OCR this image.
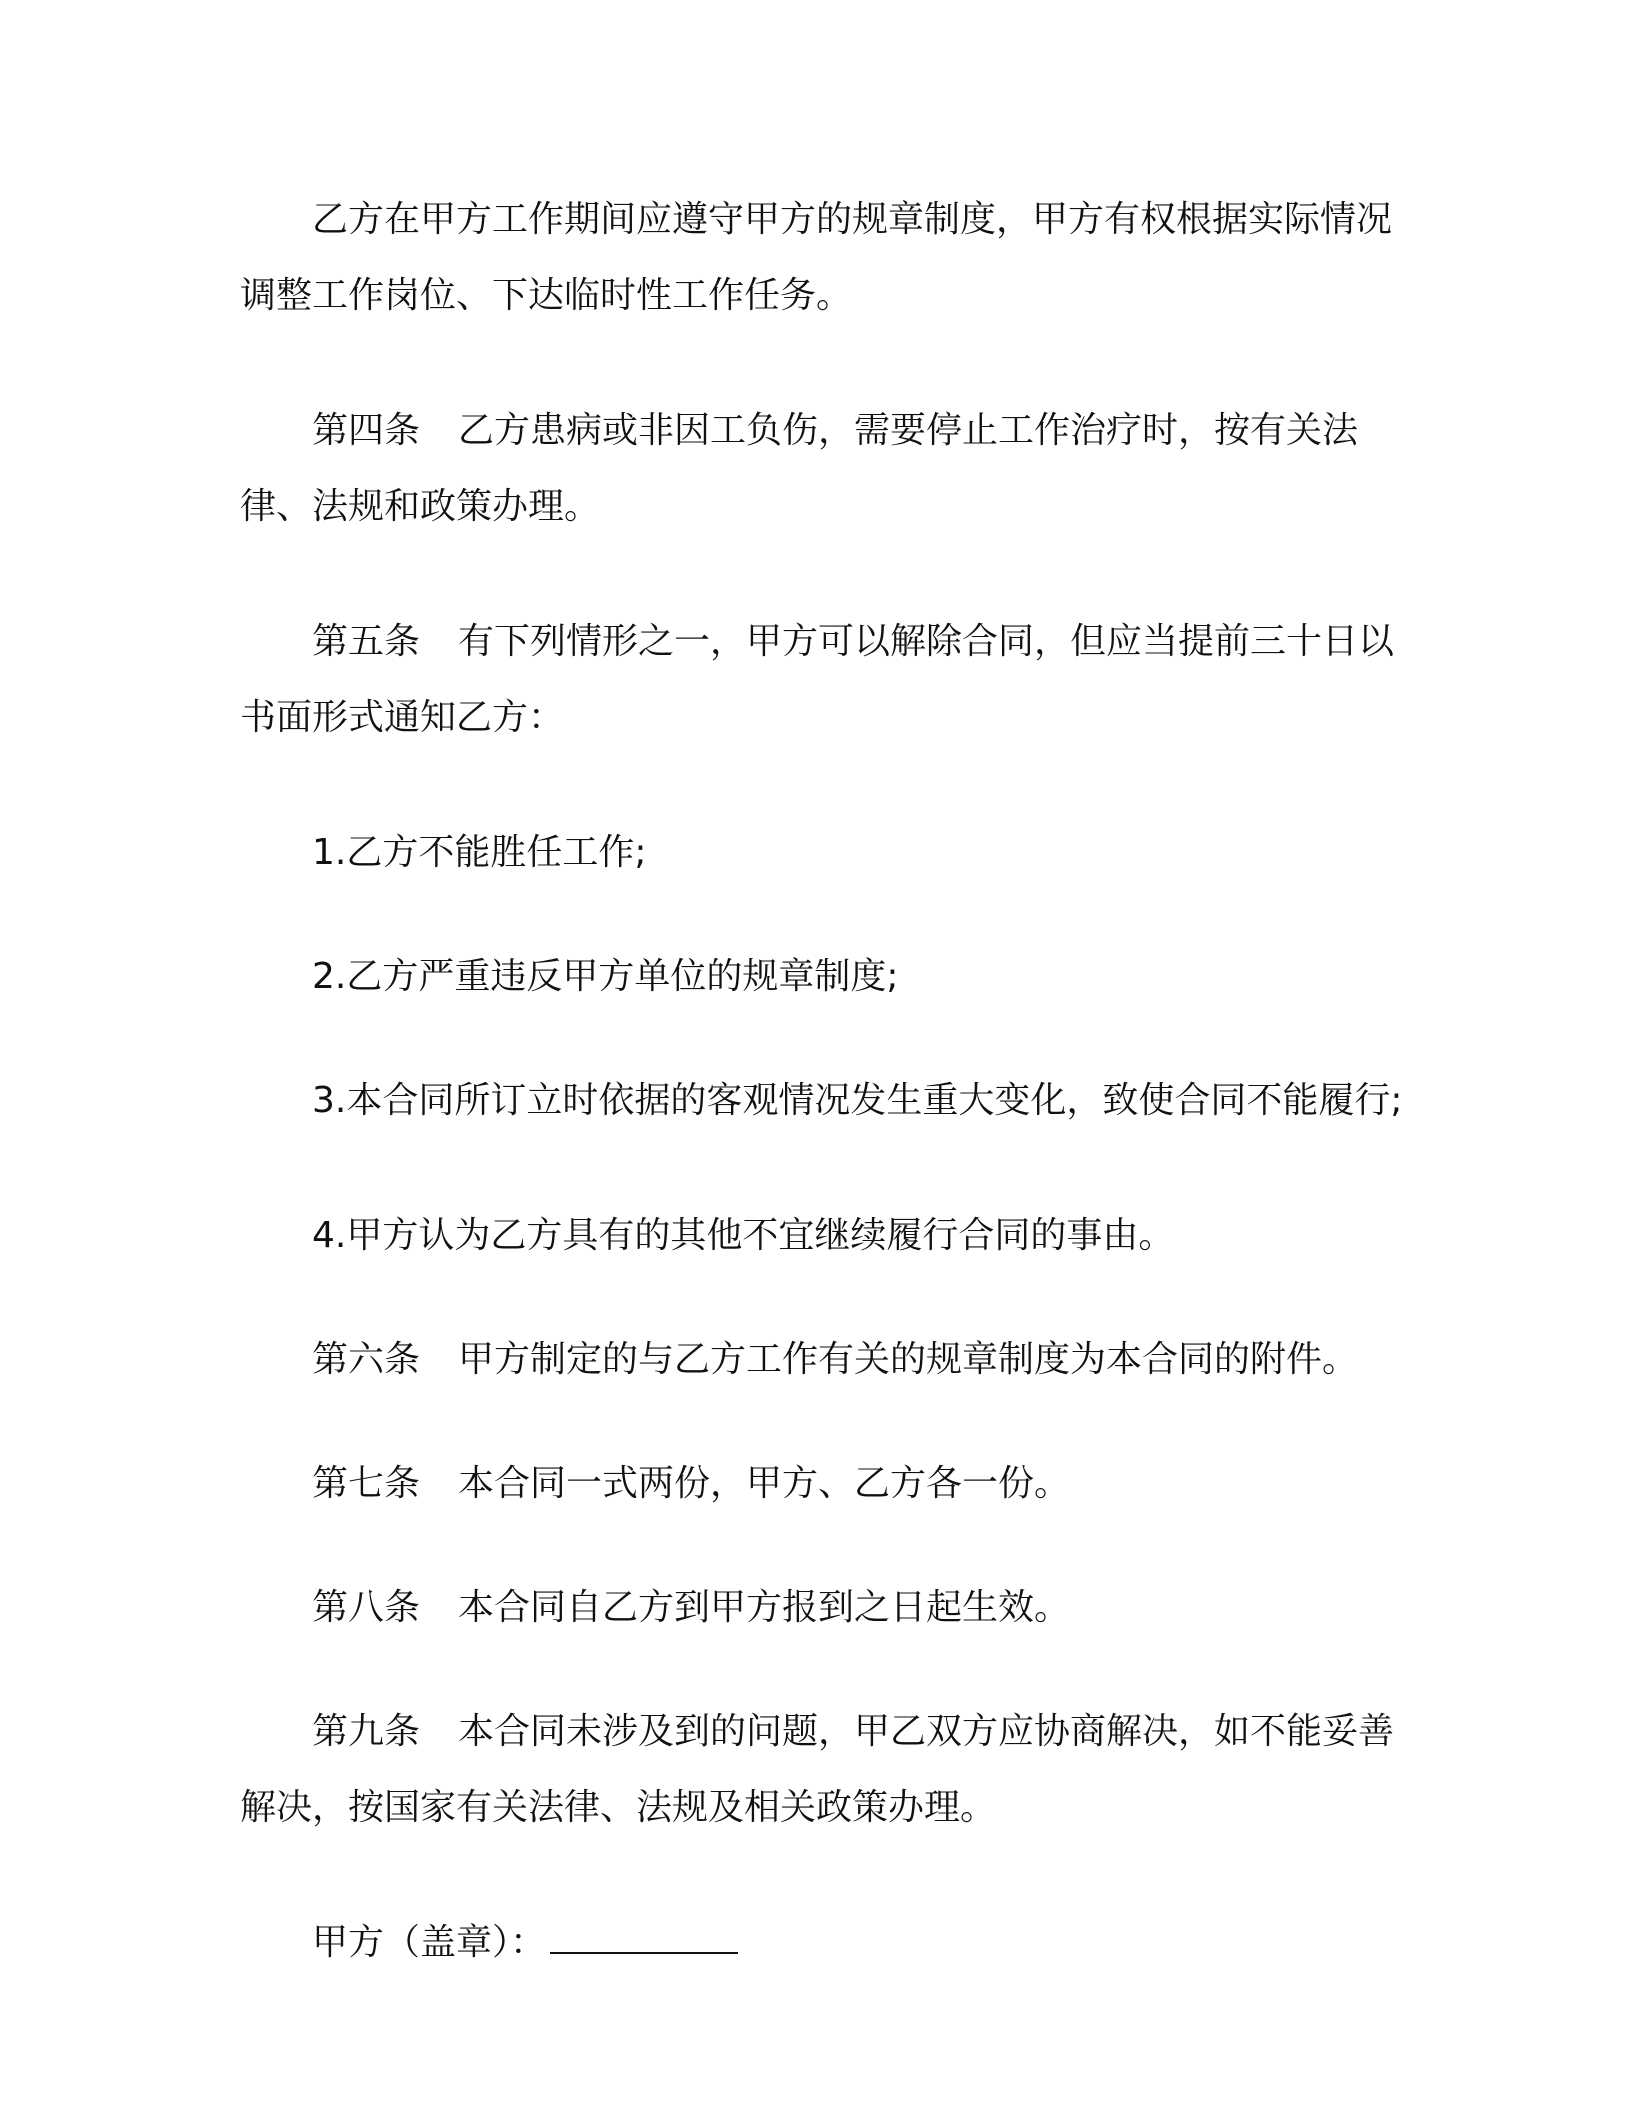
乙方在甲方工作期间应遵守甲方的规章制度，甲方有权根据实际情况调整工作岗位、下达临时性工作任务。

第四条 乙方患病或非因工负伤，需要停止工作治疗时，按有关法律、法规和政策办理。

第五条 有下列情形之一，甲方可以解除合同，但应当提前三十日以书面形式通知乙方：

1.乙方不能胜任工作;

2.乙方严重违反甲方单位的规章制度;

3.本合同所订立时依据的客观情况发生重大变化，致使合同不能履行;

4.甲方认为乙方具有的其他不宜继续履行合同的事由。

第六条 甲方制定的与乙方工作有关的规章制度为本合同的附件。

第七条 本合同一式两份，甲方、乙方各一份。

第八条 本合同自乙方到甲方报到之日起生效。

第九条 本合同未涉及到的问题，甲乙双方应协商解决，如不能妥善解决，按国家有关法律、法规及相关政策办理。

甲方（盖章）：
